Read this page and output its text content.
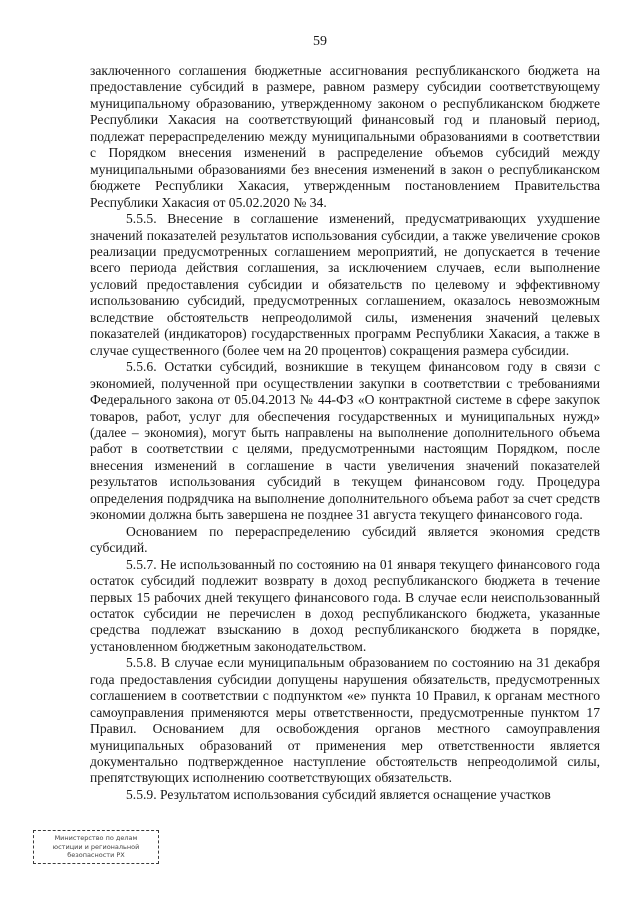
59

заключенного соглашения бюджетные ассигнования республиканского бюджета на предоставление субсидий в размере, равном размеру субсидии соответствующему муниципальному образованию, утвержденному законом о республиканском бюджете Республики Хакасия на соответствующий финансовый год и плановый период, подлежат перераспределению между муниципальными образованиями в соответствии с Порядком внесения изменений в распределение объемов субсидий между муниципальными образованиями без внесения изменений в закон о республиканском бюджете Республики Хакасия, утвержденным постановлением Правительства Республики Хакасия от 05.02.2020 № 34.

5.5.5. Внесение в соглашение изменений, предусматривающих ухудшение значений показателей результатов использования субсидии, а также увеличение сроков реализации предусмотренных соглашением мероприятий, не допускается в течение всего периода действия соглашения, за исключением случаев, если выполнение условий предоставления субсидии и обязательств по целевому и эффективному использованию субсидий, предусмотренных соглашением, оказалось невозможным вследствие обстоятельств непреодолимой силы, изменения значений целевых показателей (индикаторов) государственных программ Республики Хакасия, а также в случае существенного (более чем на 20 процентов) сокращения размера субсидии.

5.5.6. Остатки субсидий, возникшие в текущем финансовом году в связи с экономией, полученной при осуществлении закупки в соответствии с требованиями Федерального закона от 05.04.2013 № 44-ФЗ «О контрактной системе в сфере закупок товаров, работ, услуг для обеспечения государственных и муниципальных нужд» (далее – экономия), могут быть направлены на выполнение дополнительного объема работ в соответствии с целями, предусмотренными настоящим Порядком, после внесения изменений в соглашение в части увеличения значений показателей результатов использования субсидий в текущем финансовом году. Процедура определения подрядчика на выполнение дополнительного объема работ за счет средств экономии должна быть завершена не позднее 31 августа текущего финансового года.

Основанием по перераспределению субсидий является экономия средств субсидий.

5.5.7. Не использованный по состоянию на 01 января текущего финансового года остаток субсидий подлежит возврату в доход республиканского бюджета в течение первых 15 рабочих дней текущего финансового года. В случае если неиспользованный остаток субсидии не перечислен в доход республиканского бюджета, указанные средства подлежат взысканию в доход республиканского бюджета в порядке, установленном бюджетным законодательством.

5.5.8. В случае если муниципальным образованием по состоянию на 31 декабря года предоставления субсидии допущены нарушения обязательств, предусмотренных соглашением в соответствии с подпунктом «е» пункта 10 Правил, к органам местного самоуправления применяются меры ответственности, предусмотренные пунктом 17 Правил. Основанием для освобождения органов местного самоуправления муниципальных образований от применения мер ответственности является документально подтвержденное наступление обстоятельств непреодолимой силы, препятствующих исполнению соответствующих обязательств.

5.5.9. Результатом использования субсидий является оснащение участков

Министерство по делам
юстиции и региональной
безопасности РХ
